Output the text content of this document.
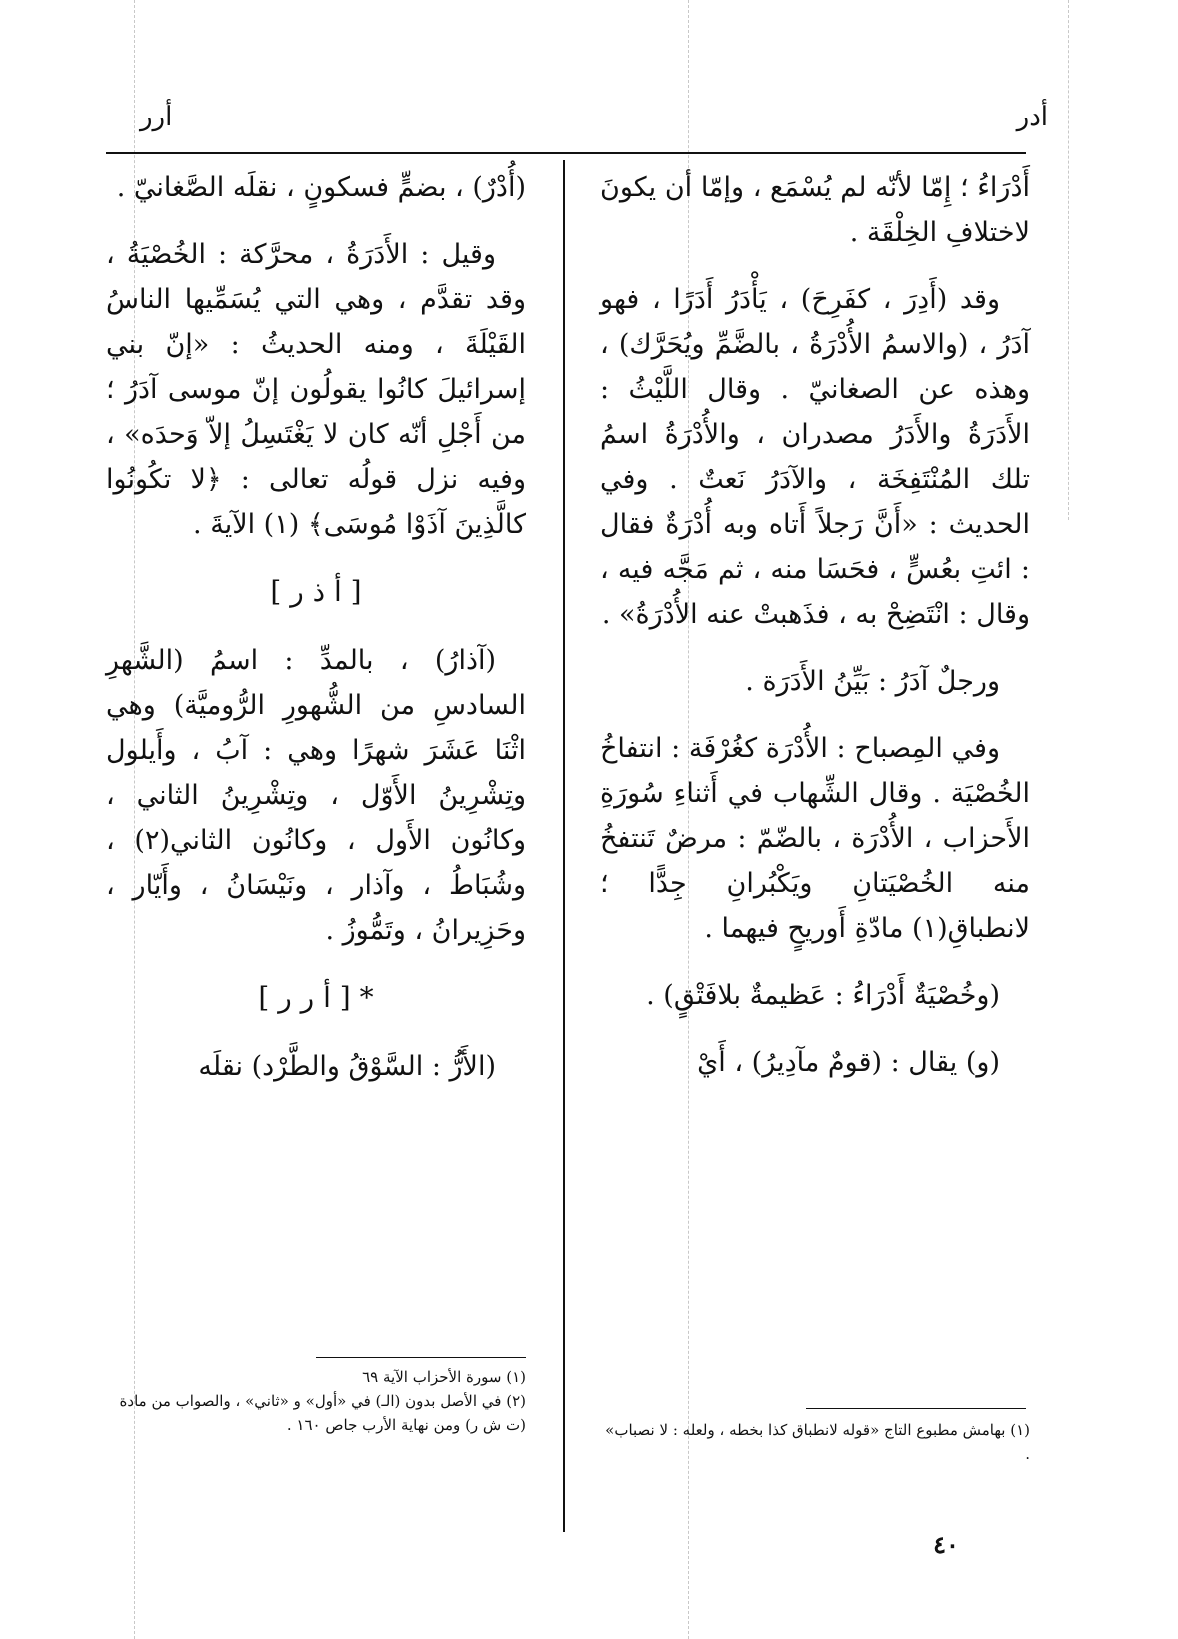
أدر
أرر

أَدْرَاءُ ؛ إِمّا لأنّه لم يُسْمَع ، وإمّا أن يكونَ لاختلافِ الخِلْقَة .

وقد (أَدِرَ ، كفَرِحَ) ، يَأْدَرُ أَدَرًا ، فهو آدَرُ ، (والاسمُ الأُدْرَةُ ، بالضَّمِّ ويُحَرَّك) ، وهذه عن الصغانيّ . وقال اللَّيْثُ : الأَدَرَةُ والأَدَرُ مصدران ، والأُدْرَةُ اسمُ تلك المُنْتَفِخَة ، والآدَرُ نَعتٌ . وفي الحديث : «أَنَّ رَجلاً أَتاه وبه أُدْرَةٌ فقال : ائتِ بعُسٍّ ، فحَسَا منه ، ثم مَجَّه فيه ، وقال : انْتَضِحْ به ، فذَهبتْ عنه الأُدْرَةُ» .

ورجلٌ آدَرُ : بَيِّنُ الأَدَرَة .

وفي المِصباح : الأُدْرَة كغُرْفَة : انتفاخُ الخُصْيَة . وقال الشِّهاب في أَثناءِ سُورَةِ الأَحزاب ، الأُدْرَة ، بالضّمّ : مرضٌ تَنتفخُ منه الخُصْيَتانِ ويَكْبُرانِ جِدًّا ؛ لانطباقِ(١) مادّةِ أَوريحٍ فيهما .

(وخُصْيَةٌ أَدْرَاءُ : عَظيمةٌ بلافَتْقٍ) .

(و) يقال : (قومٌ مآدِيرُ) ، أَيْ

(أُدْرٌ) ، بضمٍّ فسكونٍ ، نقلَه الصَّغانيّ .

وقيل : الأَدَرَةُ ، محرَّكة : الخُصْيَةُ ، وقد تقدَّم ، وهي التي يُسَمِّيها الناسُ القَيْلَةَ ، ومنه الحديثُ : «إنّ بني إسرائيلَ كانُوا يقولُون إنّ موسى آدَرُ ؛ من أَجْلِ أنّه كان لا يَغْتَسِلُ إلاّ وَحدَه» ، وفيه نزل قولُه تعالى : ﴿لا تكُونُوا كالَّذِينَ آذَوْا مُوسَى﴾ (١) الآيةَ .

[ أ ذ ر ]

(آذارُ) ، بالمدِّ : اسمُ (الشَّهرِ السادسِ من الشُّهورِ الرُّوميَّة) وهي اثْنَا عَشَرَ شهرًا وهي : آبُ ، وأَيلول وتِشْرِينُ الأَوّل ، وتِشْرِينُ الثاني ، وكانُون الأَول ، وكانُون الثاني(٢) ، وشُبَاطُ ، وآذار ، ونَيْسَانُ ، وأَيّار ، وحَزِيرانُ ، وتَمُّوزُ .

* [ أ ر ر ]

(الأَرُّ : السَّوْقُ والطَّرْد) نقلَه

(١) بهامش مطبوع التاج «قوله لانطباق كذا بخطه ، ولعله : لا نصباب» .

(١) سورة الأحزاب الآية ٦٩

(٢) في الأصل بدون (الـ) في «أول» و «ثاني» ، والصواب من مادة (ت ش ر) ومن نهاية الأرب جاص ١٦٠ .

٤٠
